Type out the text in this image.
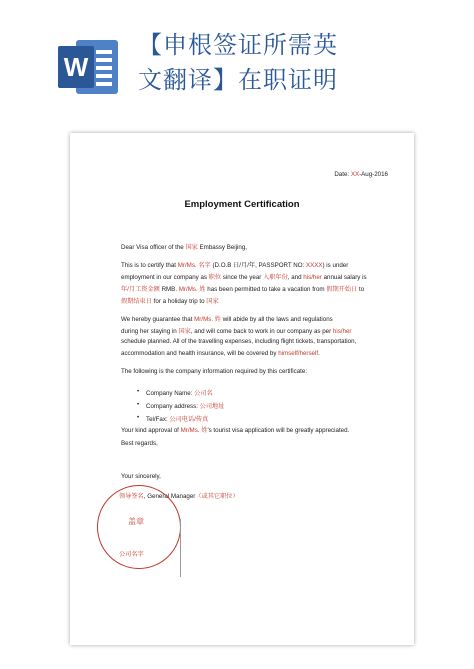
W
【申根签证所需英
文翻译】在职证明
Date: XX-Aug-2016
Employment Certification
Dear Visa officer of the 国家 Embassy Beijing,
This is to certify that Mr/Ms. 名字 (D.O.B 日/月/年, PASSPORT NO: XXXX) is under
employment in our company as 职位 since the year 入职年份, and his/her annual salary is
年/月工资金额 RMB. Mr/Ms. 姓 has been permitted to take a vacation from 假期开始日 to
假期结束日 for a holiday trip to 国家
We hereby guarantee that Mr/Ms. 姓 will abide by all the laws and regulations
during her staying in 国家, and will come back to work in our company as per his/her
schedule planned. All of the travelling expenses, including flight tickets, transportation,
accommodation and health insurance, will be covered by himself/herself.
The following is the company information required by this certificate:
• Company Name: 公司名
• Company address: 公司地址
• Tel/Fax: 公司电话/传真
Your kind approval of Mr/Ms. 姓's tourist visa application will be greatly appreciated.
Best regards,
Your sincerely,
领导签名, General Manager（或其它职位）
盖章
公司名字
